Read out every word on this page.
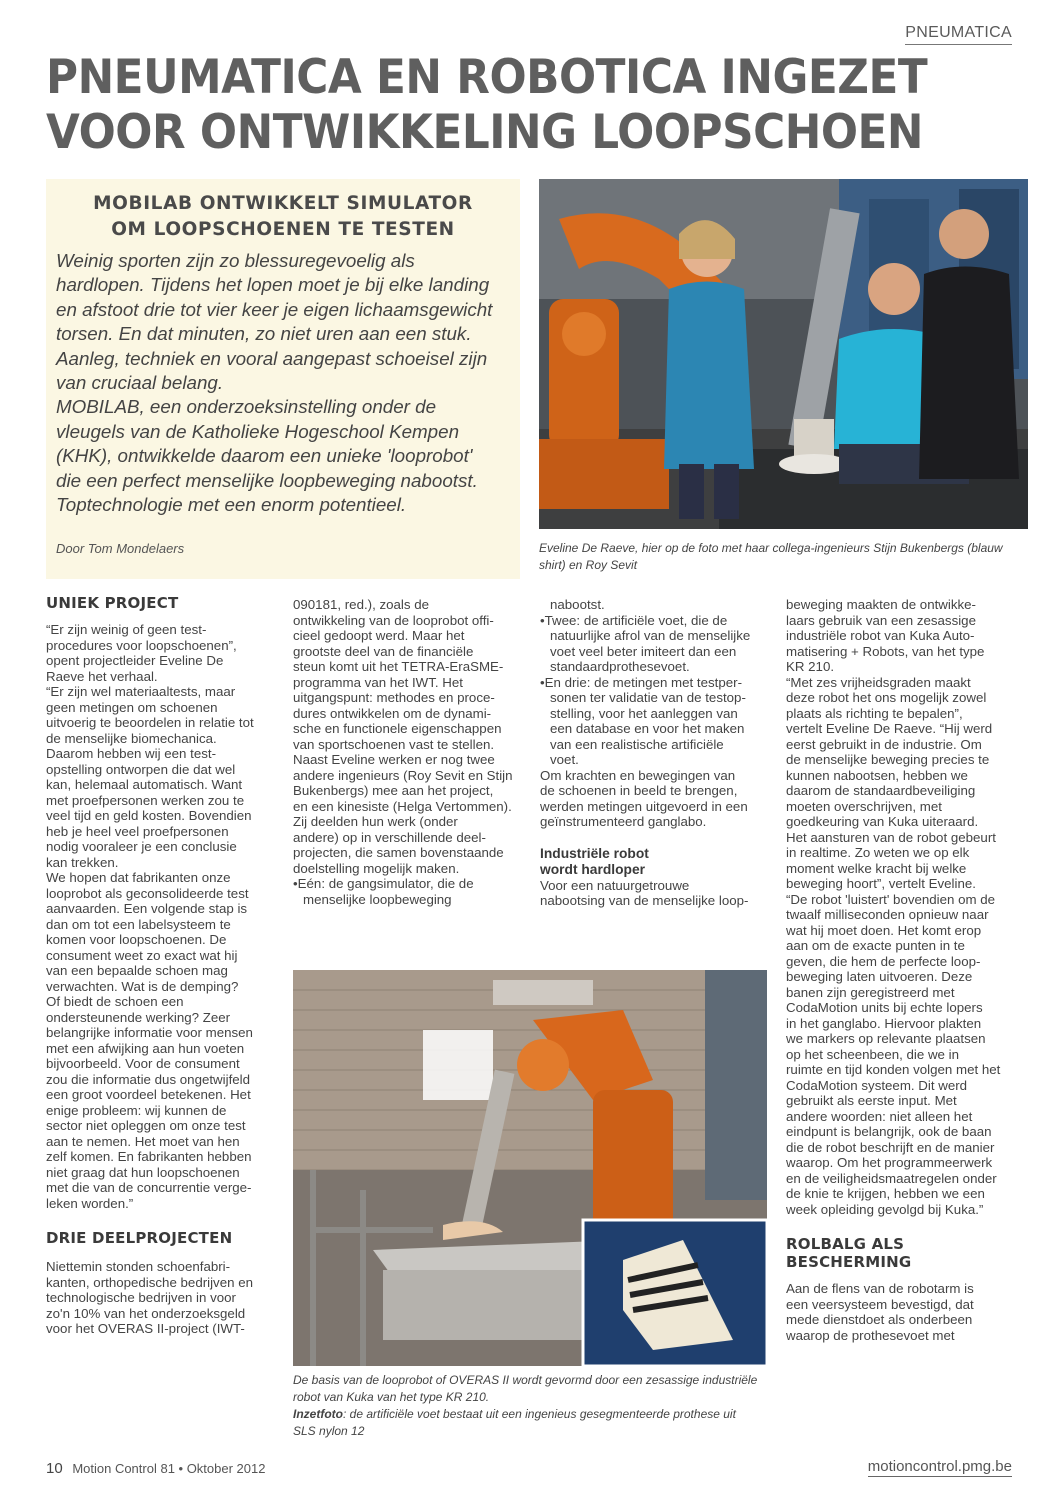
PNEUMATICA
PNEUMATICA EN ROBOTICA INGEZET
VOOR ONTWIKKELING LOOPSCHOEN
MOBILAB ONTWIKKELT SIMULATOR
OM LOOPSCHOENEN TE TESTEN
Weinig sporten zijn zo blessuregevoelig als
hardlopen. Tijdens het lopen moet je bij elke landing
en afstoot drie tot vier keer je eigen lichaamsgewicht
torsen. En dat minuten, zo niet uren aan een stuk.
Aanleg, techniek en vooral aangepast schoeisel zijn
van cruciaal belang.
MOBILAB, een onderzoeksinstelling onder de
vleugels van de Katholieke Hogeschool Kempen
(KHK), ontwikkelde daarom een unieke 'looprobot'
die een perfect menselijke loopbeweging nabootst.
Toptechnologie met een enorm potentieel.
Door Tom Mondelaers	Eveline De Raeve, hier op de foto met haar collega-ingenieurs Stijn Bukenbergs (blauw
shirt) en Roy Sevit
UNIEK PROJECT
“Er zijn weinig of geen test-
procedures voor loopschoenen”,
opent projectleider Eveline De
Raeve het verhaal.
“Er zijn wel materiaaltests, maar
geen metingen om schoenen
uitvoerig te beoordelen in relatie tot
de menselijke biomechanica.
Daarom hebben wij een test-
opstelling ontworpen die dat wel
kan, helemaal automatisch. Want
met proefpersonen werken zou te
veel tijd en geld kosten. Bovendien
heb je heel veel proefpersonen
nodig vooraleer je een conclusie
kan trekken.
We hopen dat fabrikanten onze
looprobot als geconsolideerde test
aanvaarden. Een volgende stap is
dan om tot een labelsysteem te
komen voor loopschoenen. De
consument weet zo exact wat hij
van een bepaalde schoen mag
verwachten. Wat is de demping?
Of biedt de schoen een
ondersteunende werking? Zeer
belangrijke informatie voor mensen
met een afwijking aan hun voeten
bijvoorbeeld. Voor de consument
zou die informatie dus ongetwijfeld
een groot voordeel betekenen. Het
enige probleem: wij kunnen de
sector niet opleggen om onze test
aan te nemen. Het moet van hen
zelf komen. En fabrikanten hebben
niet graag dat hun loopschoenen
met die van de concurrentie verge-
leken worden.”
DRIE DEELPROJECTEN
Niettemin stonden schoenfabri-
kanten, orthopedische bedrijven en
technologische bedrijven in voor
zo'n 10% van het onderzoeksgeld
voor het OVERAS II-project (IWT-
090181, red.), zoals de
ontwikkeling van de looprobot offi-
cieel gedoopt werd. Maar het
grootste deel van de financiële
steun komt uit het TETRA-EraSME-
programma van het IWT. Het
uitgangspunt: methodes en proce-
dures ontwikkelen om de dynami-
sche en functionele eigenschappen
van sportschoenen vast te stellen.
Naast Eveline werken er nog twee
andere ingenieurs (Roy Sevit en Stijn
Bukenbergs) mee aan het project,
en een kinesiste (Helga Vertommen).
Zij deelden hun werk (onder
andere) op in verschillende deel-
projecten, die samen bovenstaande
doelstelling mogelijk maken.
•Eén: de gangsimulator, die de
menselijke loopbeweging
nabootst.
•Twee: de artificiële voet, die de
natuurlijke afrol van de menselijke
voet veel beter imiteert dan een
standaardprothesevoet.
•En drie: de metingen met testper-
sonen ter validatie van de testop-
stelling, voor het aanleggen van
een database en voor het maken
van een realistische artificiële
voet.
Om krachten en bewegingen van
de schoenen in beeld te brengen,
werden metingen uitgevoerd in een
geïnstrumenteerd ganglabo.
Industriële robot
wordt hardloper
Voor een natuurgetrouwe
nabootsing van de menselijke loop-
beweging maakten de ontwikke-
laars gebruik van een zesassige
industriële robot van Kuka Auto-
matisering + Robots, van het type
KR 210.
“Met zes vrijheidsgraden maakt
deze robot het ons mogelijk zowel
plaats als richting te bepalen”,
vertelt Eveline De Raeve. “Hij werd
eerst gebruikt in de industrie. Om
de menselijke beweging precies te
kunnen nabootsen, hebben we
daarom de standaardbeveiliging
moeten overschrijven, met
goedkeuring van Kuka uiteraard.
Het aansturen van de robot gebeurt
in realtime. Zo weten we op elk
moment welke kracht bij welke
beweging hoort”, vertelt Eveline.
“De robot 'luistert' bovendien om de
twaalf milliseconden opnieuw naar
wat hij moet doen. Het komt erop
aan om de exacte punten in te
geven, die hem de perfecte loop-
beweging laten uitvoeren. Deze
banen zijn geregistreerd met
CodaMotion units bij echte lopers
in het ganglabo. Hiervoor plakten
we markers op relevante plaatsen
op het scheenbeen, die we in
ruimte en tijd konden volgen met het
CodaMotion systeem. Dit werd
gebruikt als eerste input. Met
andere woorden: niet alleen het
eindpunt is belangrijk, ook de baan
die de robot beschrijft en de manier
waarop. Om het programmeerwerk
en de veiligheidsmaatregelen onder
de knie te krijgen, hebben we een
week opleiding gevolgd bij Kuka.”
ROLBALG ALS
BESCHERMING
Aan de flens van de robotarm is
een veersysteem bevestigd, dat
mede dienstdoet als onderbeen
waarop de prothesevoet met
De basis van de looprobot of OVERAS II wordt gevormd door een zesassige industriële
robot van Kuka van het type KR 210.
Inzetfoto: de artificiële voet bestaat uit een ingenieus gesegmenteerde prothese uit
SLS nylon 12
10 Motion Control 81 • Oktober 2012	motioncontrol.pmg.be
